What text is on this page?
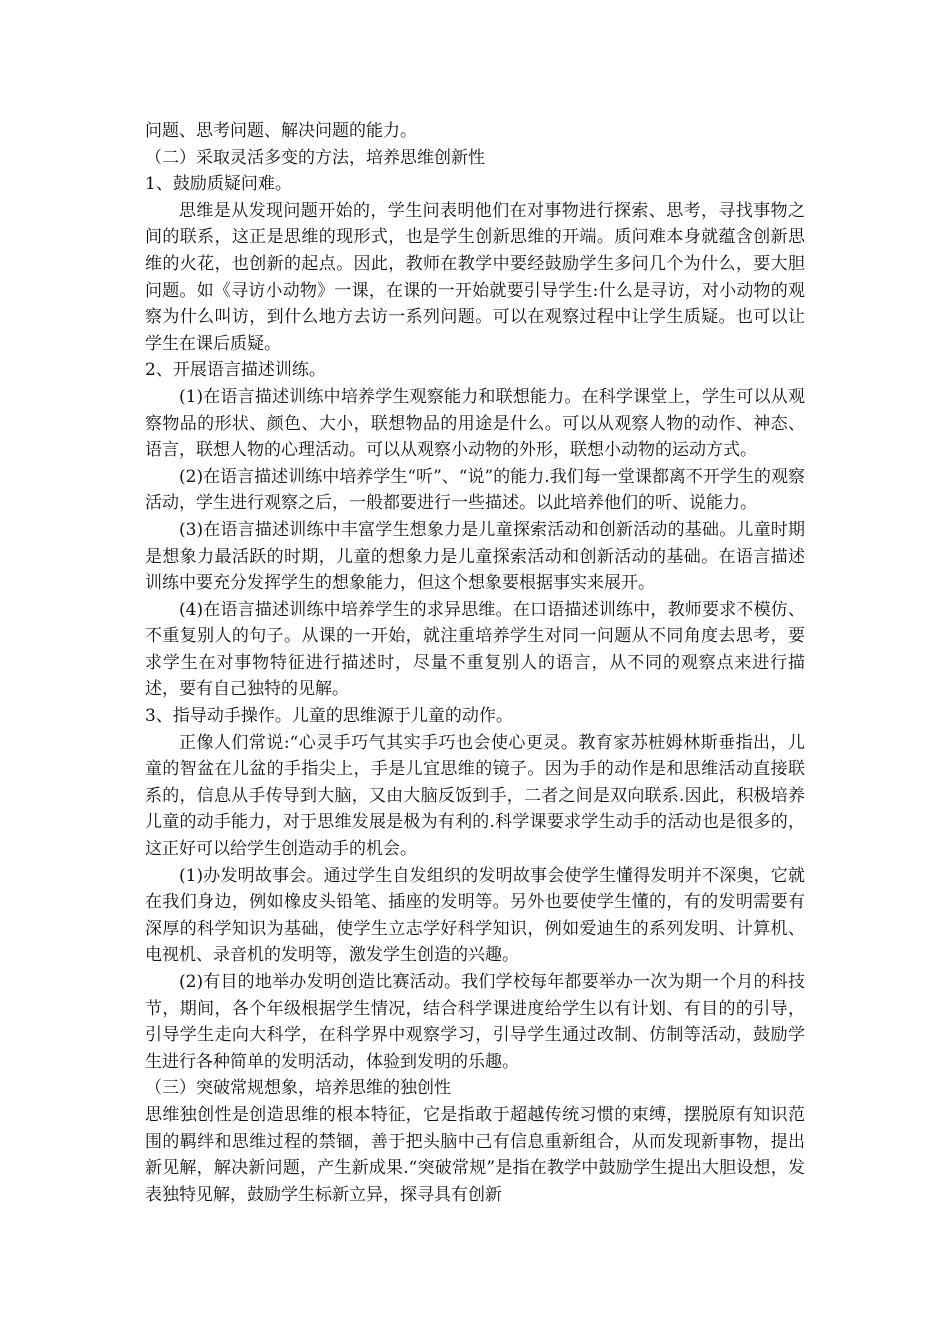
问题、思考问题、解决问题的能力。

（二）采取灵活多变的方法，培养思维创新性

1、鼓励质疑问难。

思维是从发现问题开始的，学生问表明他们在对事物进行探索、思考，寻找事物之间的联系，这正是思维的现形式，也是学生创新思维的开端。质问难本身就蕴含创新思维的火花，也创新的起点。因此，教师在教学中要经鼓励学生多问几个为什么，要大胆问题。如《寻访小动物》一课，在课的一开始就要引导学生:什么是寻访，对小动物的观察为什么叫访，到什么地方去访一系列问题。可以在观察过程中让学生质疑。也可以让学生在课后质疑。

2、开展语言描述训练。

(1)在语言描述训练中培养学生观察能力和联想能力。在科学课堂上，学生可以从观察物品的形状、颜色、大小，联想物品的用途是什么。可以从观察人物的动作、神态、语言，联想人物的心理活动。可以从观察小动物的外形，联想小动物的运动方式。

(2)在语言描述训练中培养学生“听”、“说”的能力.我们每一堂课都离不开学生的观察活动，学生进行观察之后，一般都要进行一些描述。以此培养他们的听、说能力。

(3)在语言描述训练中丰富学生想象力是儿童探索活动和创新活动的基础。儿童时期是想象力最活跃的时期，儿童的想象力是儿童探索活动和创新活动的基础。在语言描述训练中要充分发挥学生的想象能力，但这个想象要根据事实来展开。

(4)在语言描述训练中培养学生的求异思维。在口语描述训练中，教师要求不模仿、不重复别人的句子。从课的一开始，就注重培养学生对同一问题从不同角度去思考，要求学生在对事物特征进行描述时，尽量不重复别人的语言，从不同的观察点来进行描述，要有自己独特的见解。

3、指导动手操作。儿童的思维源于儿童的动作。

正像人们常说:“心灵手巧气其实手巧也会使心更灵。教育家苏桩姆林斯垂指出，儿童的智盆在儿盆的手指尖上，手是儿宜思维的镜子。因为手的动作是和思维活动直接联系的，信息从手传导到大脑，又由大脑反饭到手，二者之间是双向联系.因此，积极培养儿童的动手能力，对于思维发展是极为有利的.科学课要求学生动手的活动也是很多的，这正好可以给学生创造动手的机会。

(1)办发明故事会。通过学生自发组织的发明故事会使学生懂得发明并不深奥，它就在我们身边，例如橡皮头铅笔、插座的发明等。另外也要使学生懂的，有的发明需要有深厚的科学知识为基础，使学生立志学好科学知识，例如爱迪生的系列发明、计算机、电视机、录音机的发明等，激发学生创造的兴趣。

(2)有目的地举办发明创造比赛活动。我们学校每年都要举办一次为期一个月的科技节，期间，各个年级根据学生情况，结合科学课进度给学生以有计划、有目的的引导，引导学生走向大科学，在科学界中观察学习，引导学生通过改制、仿制等活动，鼓励学生进行各种简单的发明活动，体验到发明的乐趣。

（三）突破常规想象，培养思维的独创性

思维独创性是创造思维的根本特征，它是指敢于超越传统习惯的束缚，摆脱原有知识范围的羁绊和思维过程的禁锢，善于把头脑中己有信息重新组合，从而发现新事物，提出新见解，解决新问题，产生新成果.“突破常规”是指在教学中鼓励学生提出大胆设想，发表独特见解，鼓励学生标新立异，探寻具有创新
